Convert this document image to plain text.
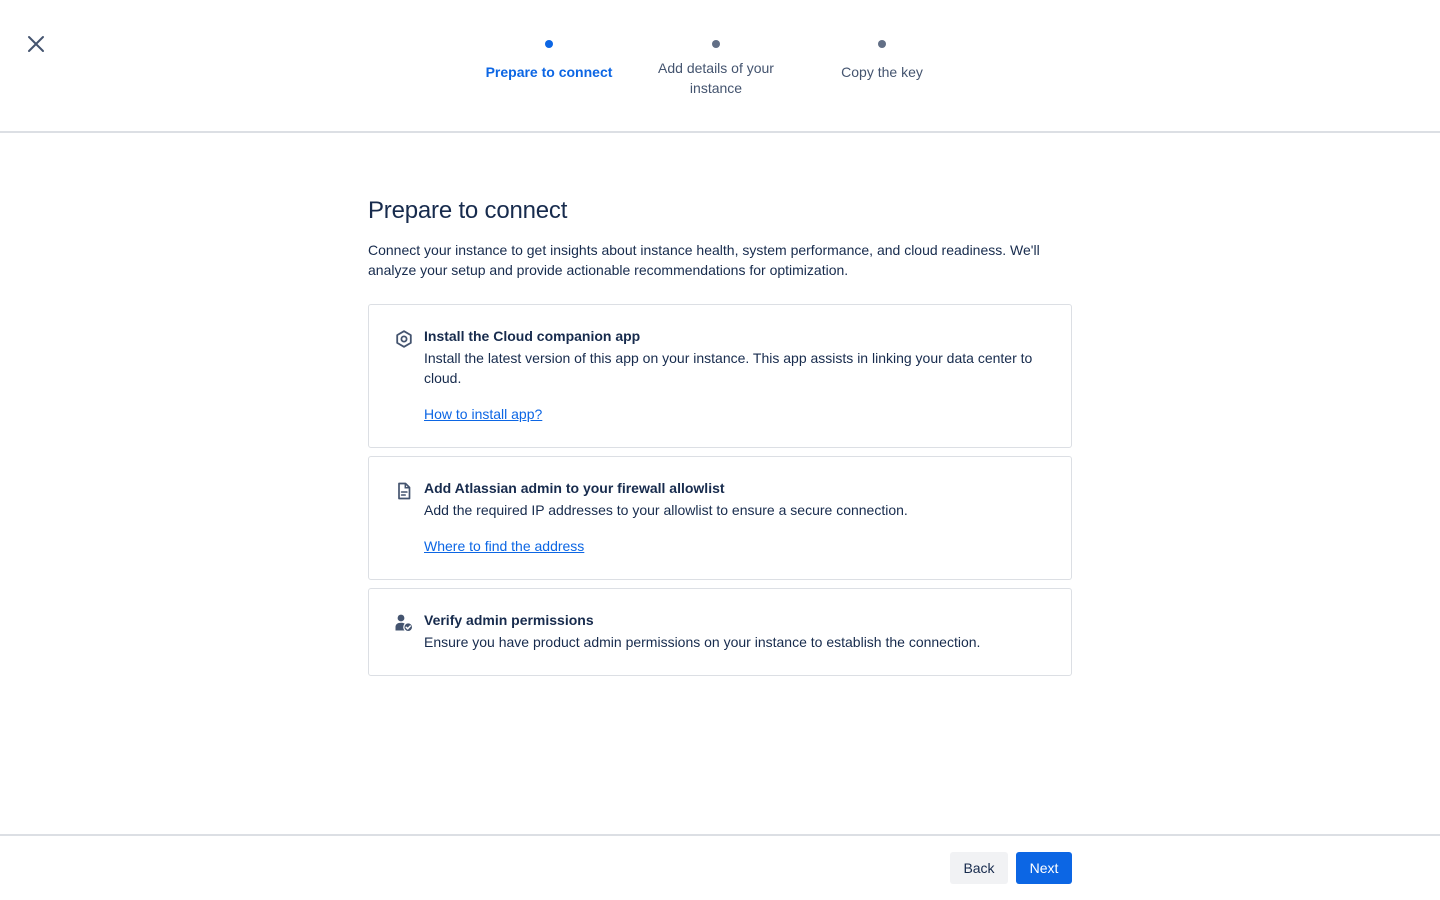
Prepare to connect	Add details of your instance
Copy the key
Prepare to connect

Connect your instance to get insights about instance health, system performance, and cloud readiness. We'll analyze your setup and provide actionable recommendations for optimization.

Install the Cloud companion app
Install the latest version of this app on your instance. This app assists in linking your data center to cloud.
How to install app?
Add Atlassian admin to your firewall allowlist
Add the required IP addresses to your allowlist to ensure a secure connection.
Where to find the address
Verify admin permissions
Ensure you have product admin permissions on your instance to establish the connection.
Back	Next
